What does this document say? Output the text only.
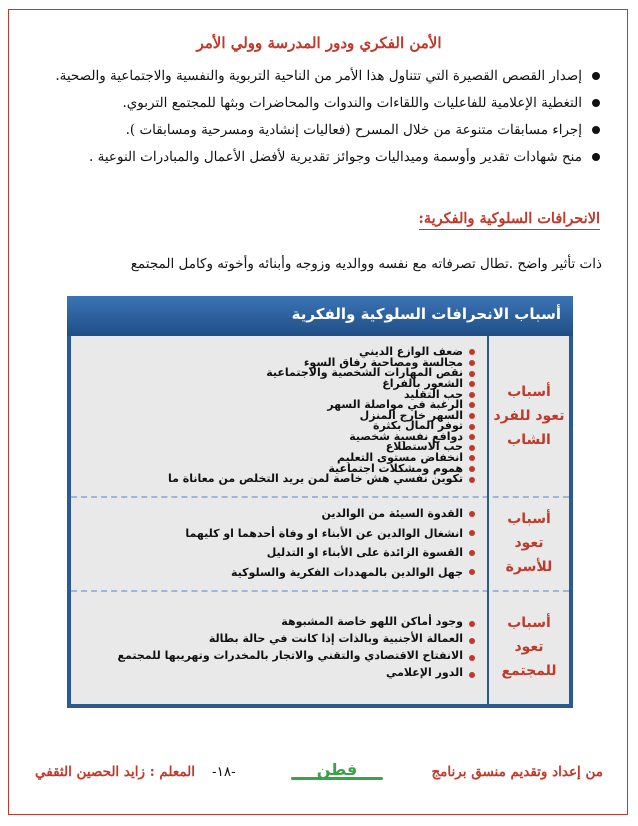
الأمن الفكري ودور المدرسة وولي الأمر
إصدار القصص القصيرة التي تتناول هذا الأمر من الناحية التربوية والنفسية والاجتماعية والصحية.
التغطية الإعلامية للفاعليات واللقاءات والندوات والمحاضرات وبثها للمجتمع التربوي.
إجراء مسابقات متنوعة من خلال المسرح (فعاليات إنشادية ومسرحية ومسابقات ).
منح شهادات تقدير وأوسمة وميداليات وجوائز تقديرية لأفضل الأعمال والمبادرات النوعية .
الانحرافات السلوكية والفكرية:
ذات تأثير واضح .تطال تصرفاته مع نفسه ووالديه وزوجه وأبنائه وأخوته وكامل المجتمع
أسباب الانحرافات السلوكية والفكرية
أسباب تعود للفرد الشاب
ضعف الوازع الديني
مجالسة ومصاحبة رفاق السوء
نقص المهارات الشخصية والاجتماعية
الشعور بالفراغ
حب التقليد
الرغبة في مواصلة السهر
السهر خارج المنزل
توفر المال بكثرة
دوافع نفسية شخصية
حب الاستطلاع
انخفاض مستوى التعليم
هموم ومشكلات اجتماعية
تكوين نفسي هش خاصة لمن يريد التخلص من معاناة ما
أسباب تعود للأسرة
القدوة السيئة من الوالدين
انشغال الوالدين عن الأبناء او وفاة أحدهما او كليهما
القسوة الزائدة على الأبناء او التدليل
جهل الوالدين بالمهددات الفكرية والسلوكية
أسباب تعود للمجتمع
وجود أماكن اللهو خاصة المشبوهة
العمالة الأجنبية وبالذات إذا كانت في حالة بطالة
الانفتاح الاقتصادي والتقني والاتجار بالمخدرات وتهريبها للمجتمع
الدور الإعلامي
من إعداد وتقديم منسق برنامج
فطن
-١٨-
المعلم : زايد الحصين الثقفي
